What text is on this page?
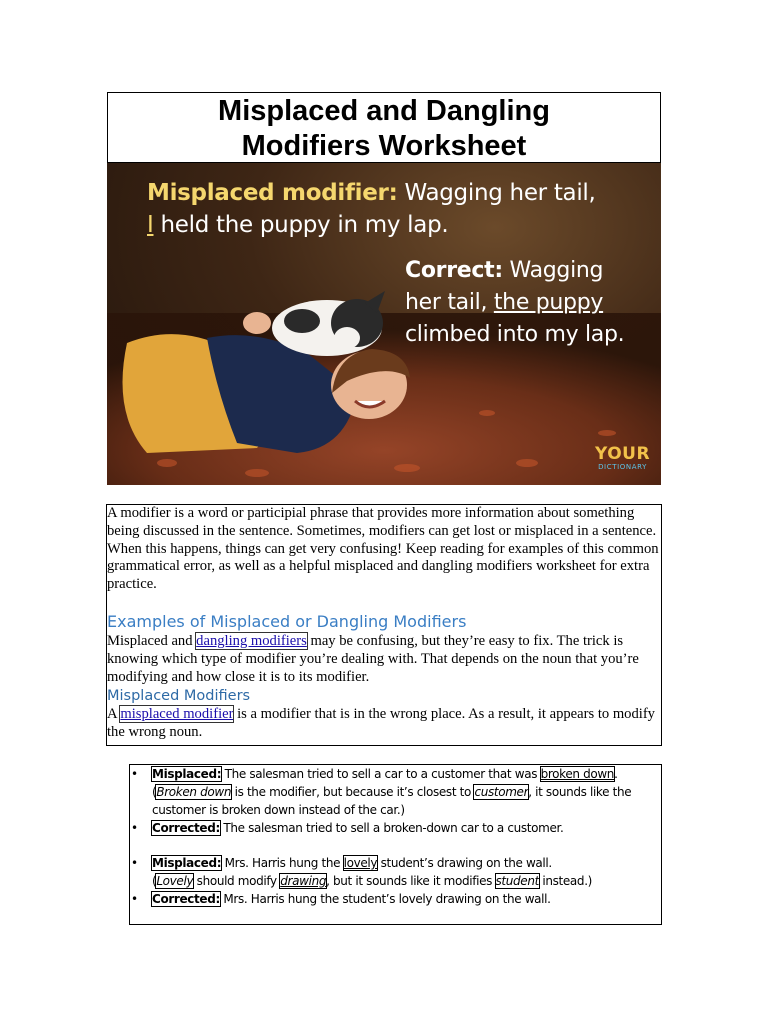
Misplaced and Dangling
Modifiers Worksheet
Misplaced modifier: Wagging her tail,
I held the puppy in my lap.
Correct: Wagging
her tail, the puppy
climbed into my lap.
YOUR
DICTIONARY

A modifier is a word or participial phrase that provides more information about something being discussed in the sentence. Sometimes, modifiers can get lost or misplaced in a sentence. When this happens, things can get very confusing! Keep reading for examples of this common grammatical error, as well as a helpful misplaced and dangling modifiers worksheet for extra practice.

Examples of Misplaced or Dangling Modifiers

Misplaced and dangling modifiers may be confusing, but they’re easy to fix. The trick is knowing which type of modifier you’re dealing with. That depends on the noun that you’re modifying and how close it is to its modifier.

Misplaced Modifiers

A misplaced modifier is a modifier that is in the wrong place. As a result, it appears to modify the wrong noun.

• Misplaced: The salesman tried to sell a car to a customer that was broken down.
(Broken down is the modifier, but because it’s closest to customer, it sounds like the customer is broken down instead of the car.)
• Corrected: The salesman tried to sell a broken-down car to a customer.
• Misplaced: Mrs. Harris hung the lovely student’s drawing on the wall.
(Lovely should modify drawing, but it sounds like it modifies student instead.)
• Corrected: Mrs. Harris hung the student’s lovely drawing on the wall.
